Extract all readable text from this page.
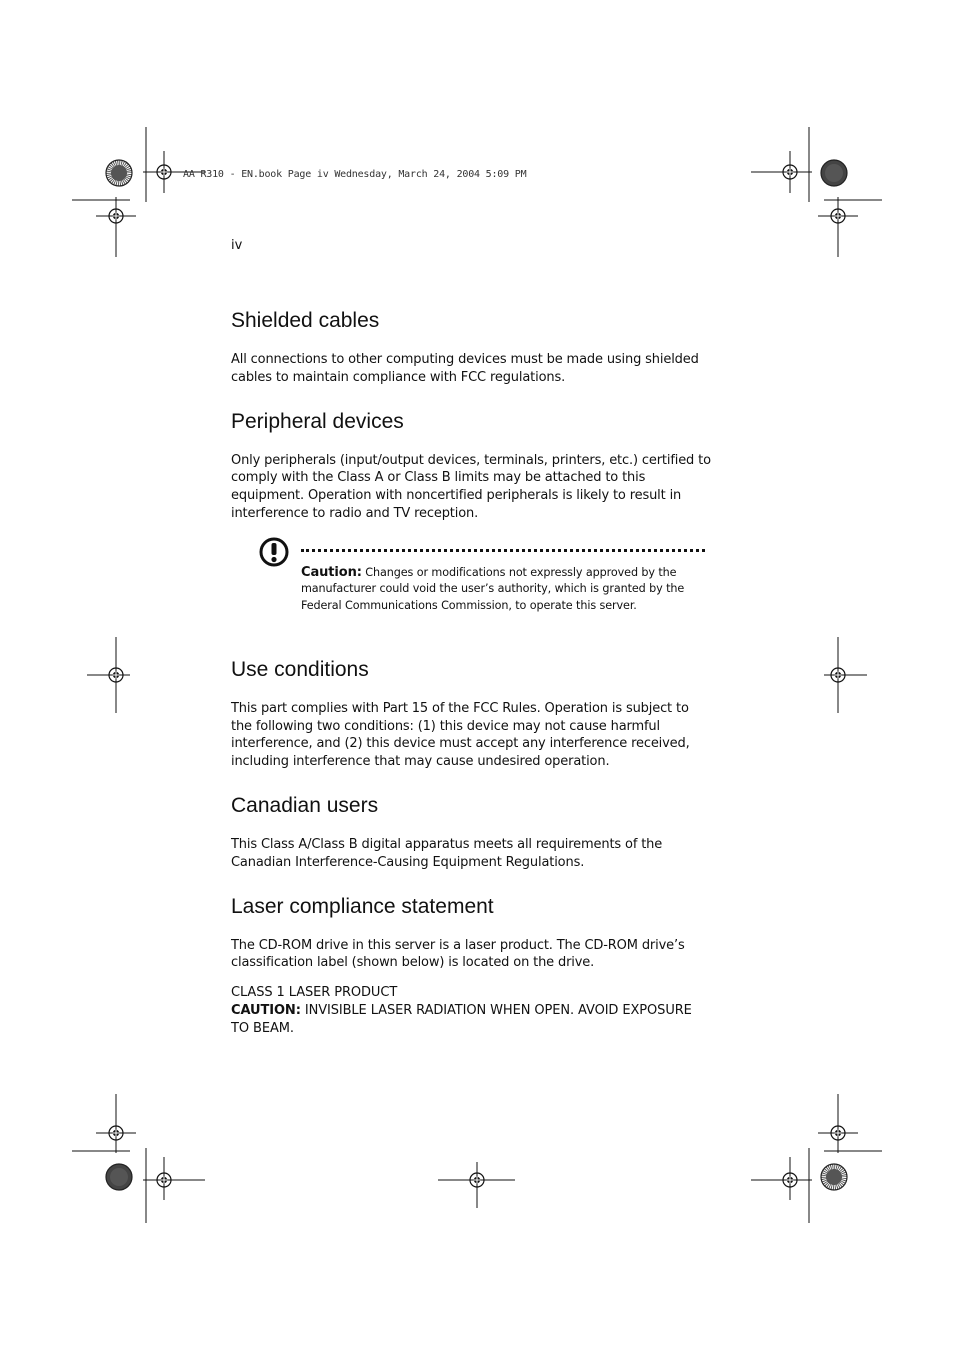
AA R310 - EN.book Page iv Wednesday, March 24, 2004 5:09 PM
iv
Shielded cables

All connections to other computing devices must be made using shielded cables to maintain compliance with FCC regulations.

Peripheral devices

Only peripherals (input/output devices, terminals, printers, etc.) certified to comply with the Class A or Class B limits may be attached to this equipment. Operation with noncertified peripherals is likely to result in interference to radio and TV reception.

Caution: Changes or modifications not expressly approved by the manufacturer could void the user’s authority, which is granted by the Federal Communications Commission, to operate this server.
Use conditions

This part complies with Part 15 of the FCC Rules. Operation is subject to the following two conditions: (1) this device may not cause harmful interference, and (2) this device must accept any interference received, including interference that may cause undesired operation.

Canadian users

This Class A/Class B digital apparatus meets all requirements of the Canadian Interference-Causing Equipment Regulations.

Laser compliance statement

The CD-ROM drive in this server is a laser product. The CD-ROM drive’s classification label (shown below) is located on the drive.

CLASS 1 LASER PRODUCT
CAUTION: INVISIBLE LASER RADIATION WHEN OPEN. AVOID EXPOSURE TO BEAM.
